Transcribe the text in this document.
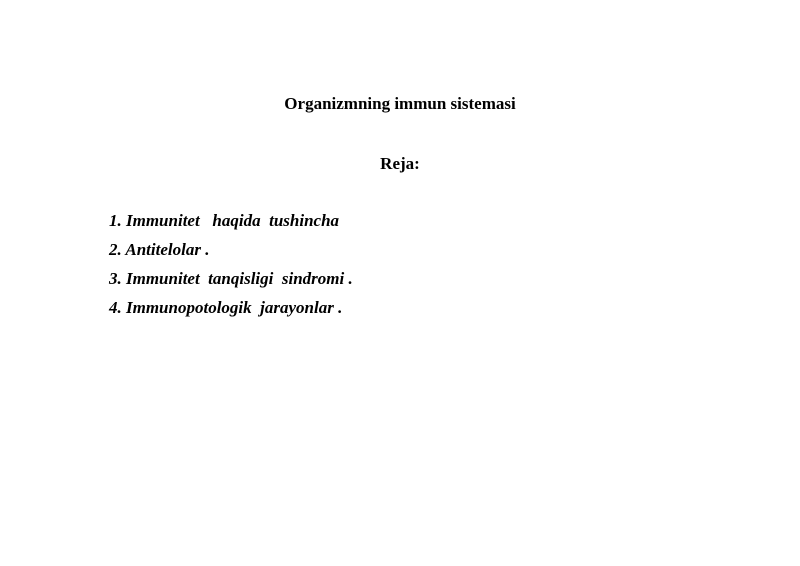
Organizmning immun sistemasi
Reja:
1. Immunitet   haqida  tushincha
2. Antitelolar .
3. Immunitet  tanqisligi  sindromi .
4. Immunopotologik  jarayonlar .
